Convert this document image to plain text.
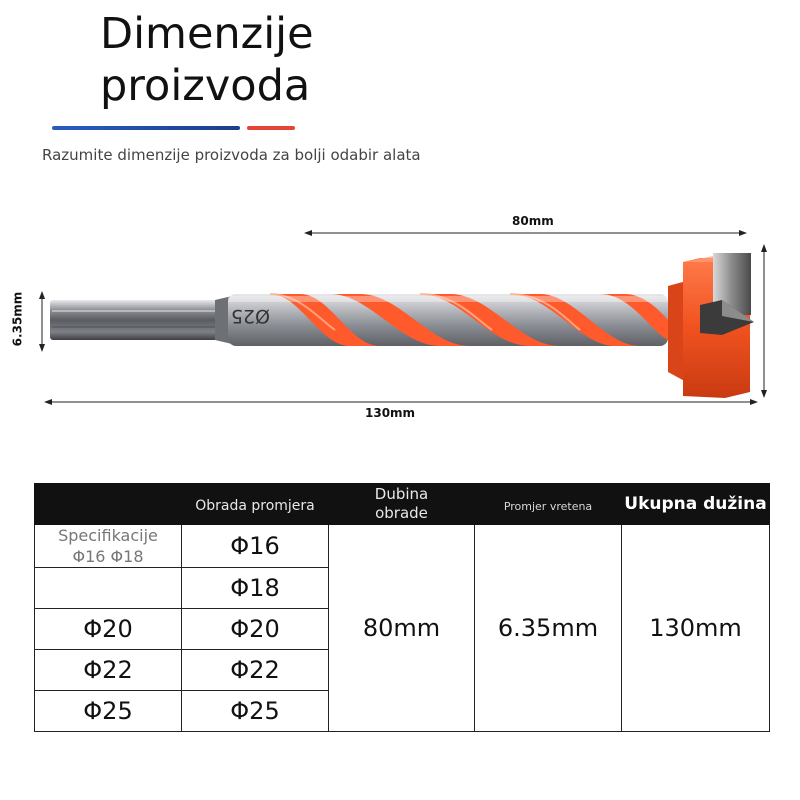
Dimenzije
proizvoda
Razumite dimenzije proizvoda za bolji odabir alata
Ø25
80mm
130mm
6.35mm
	Obrada promjera	Dubina obrade	Promjer vretena	Ukupna dužina

Specifikacije
Φ16 Φ18	Φ16	80mm	6.35mm	130mm
	Φ18			
Φ20	Φ20			
Φ22	Φ22			
Φ25	Φ25			
